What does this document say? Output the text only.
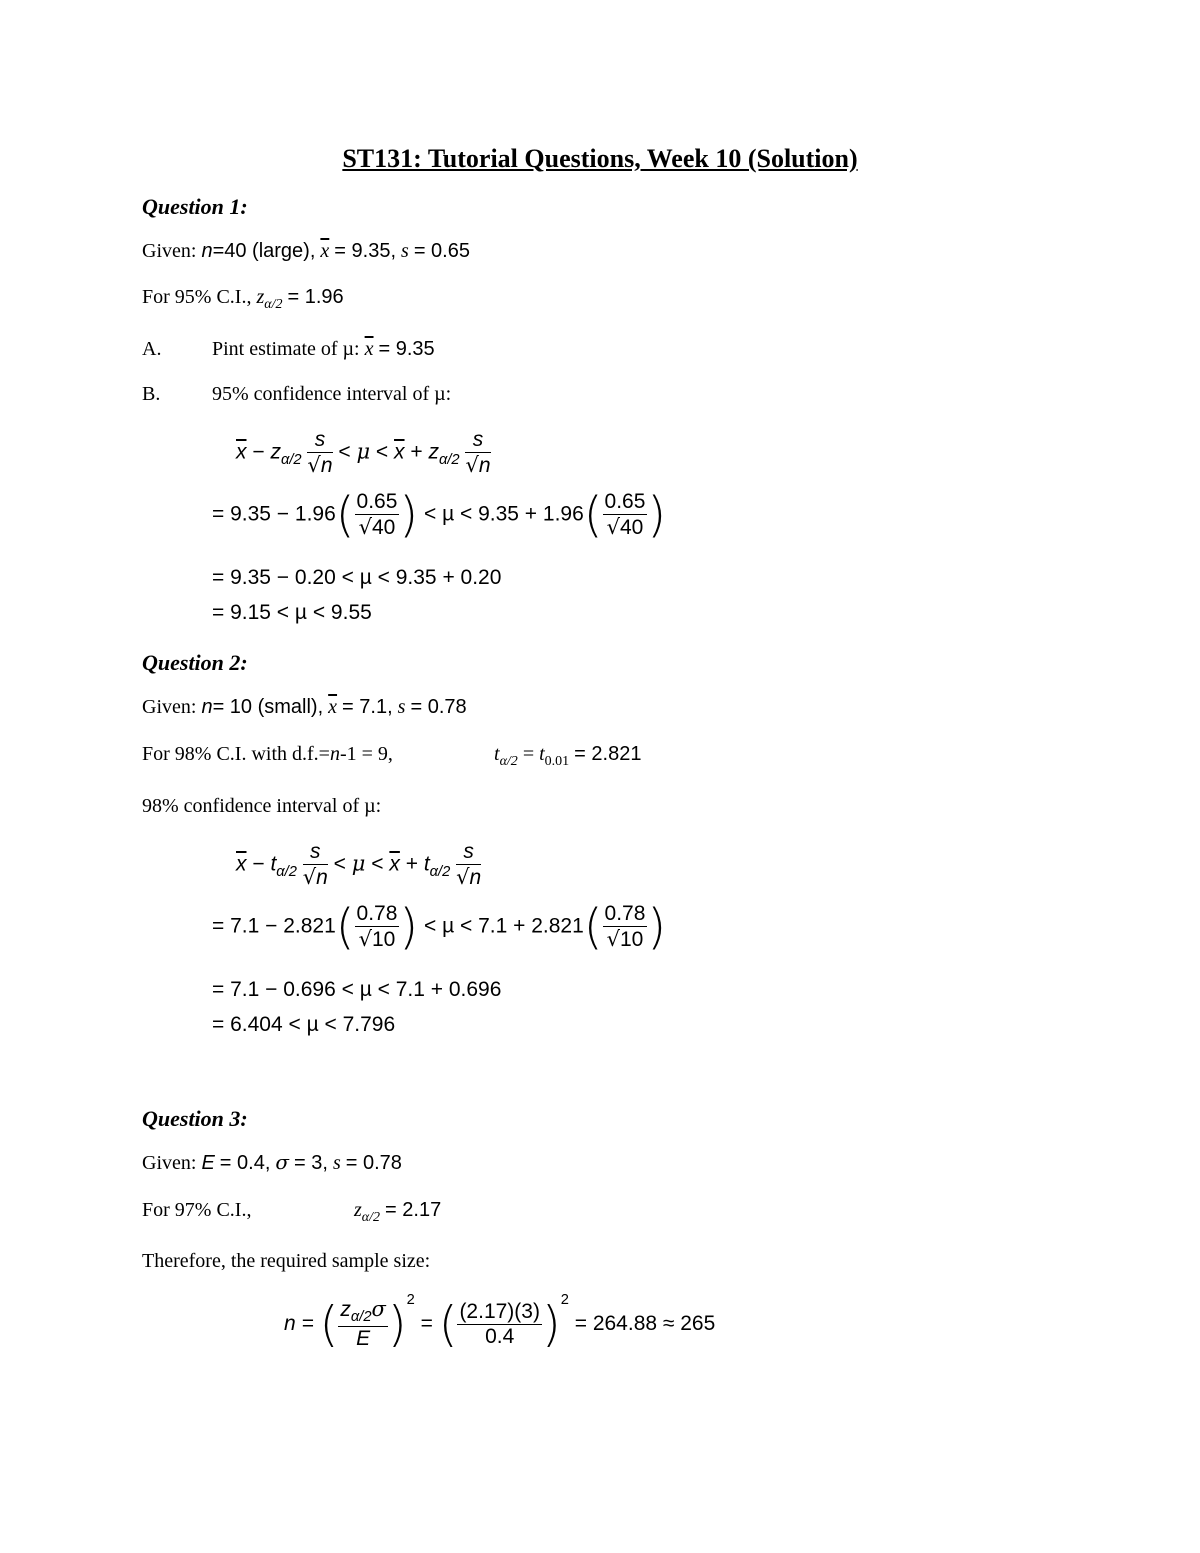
ST131: Tutorial Questions, Week 10 (Solution)
Question 1:
Given: n=40 (large), $\overline{x} = 9.35$, s = 0.65
For 95% C.I., $z_{\alpha/2} = 1.96$
A.	Pint estimate of µ: $\overline{x} = 9.35$
B.	95% confidence interval of µ:
$\overline{x} - z_{\alpha/2} \frac{s}{√n} < \mu < \overline{x} + z_{\alpha/2} \frac{s}{√n}$
= $9.35 - 1.96( \frac{0.65}{√40}$ ) < $\mu < 9.35 + 1.96( \frac{0.65}{√40}$ )
= 9.35 − 0.20 < µ < 9.35 + 0.20
= 9.15 < µ < 9.55
Question 2:
Given: n= 10 (small), $\overline{x} = 7.1$, s = 0.78
For 98% C.I. with d.f.=n-1 = 9,	$t_{\alpha/2} = t_{0.01} = 2.821$
98% confidence interval of µ:
$\overline{x} - t_{\alpha/2} \frac{s}{√n} < \mu < \overline{x} + t_{\alpha/2} \frac{s}{√n}$
= $7.1 - 2.821( \frac{0.78}{√10}$ ) < $\mu < 7.1 + 2.821( \frac{0.78}{√10}$ )
= 7.1 − 0.696 < µ < 7.1 + 0.696
= 6.404 < µ < 7.796
Question 3:
Given: E = 0.4, σ = 3, s = 0.78
For 97% C.I.,	$z_{\alpha/2} = 2.17$
Therefore, the required sample size:
n = ( $\frac{z_{\alpha/2}\sigma}{E} )^2$ = ( $\frac{(2.17)(3)}{0.4} )^2 = 264.88 \approx 265$
